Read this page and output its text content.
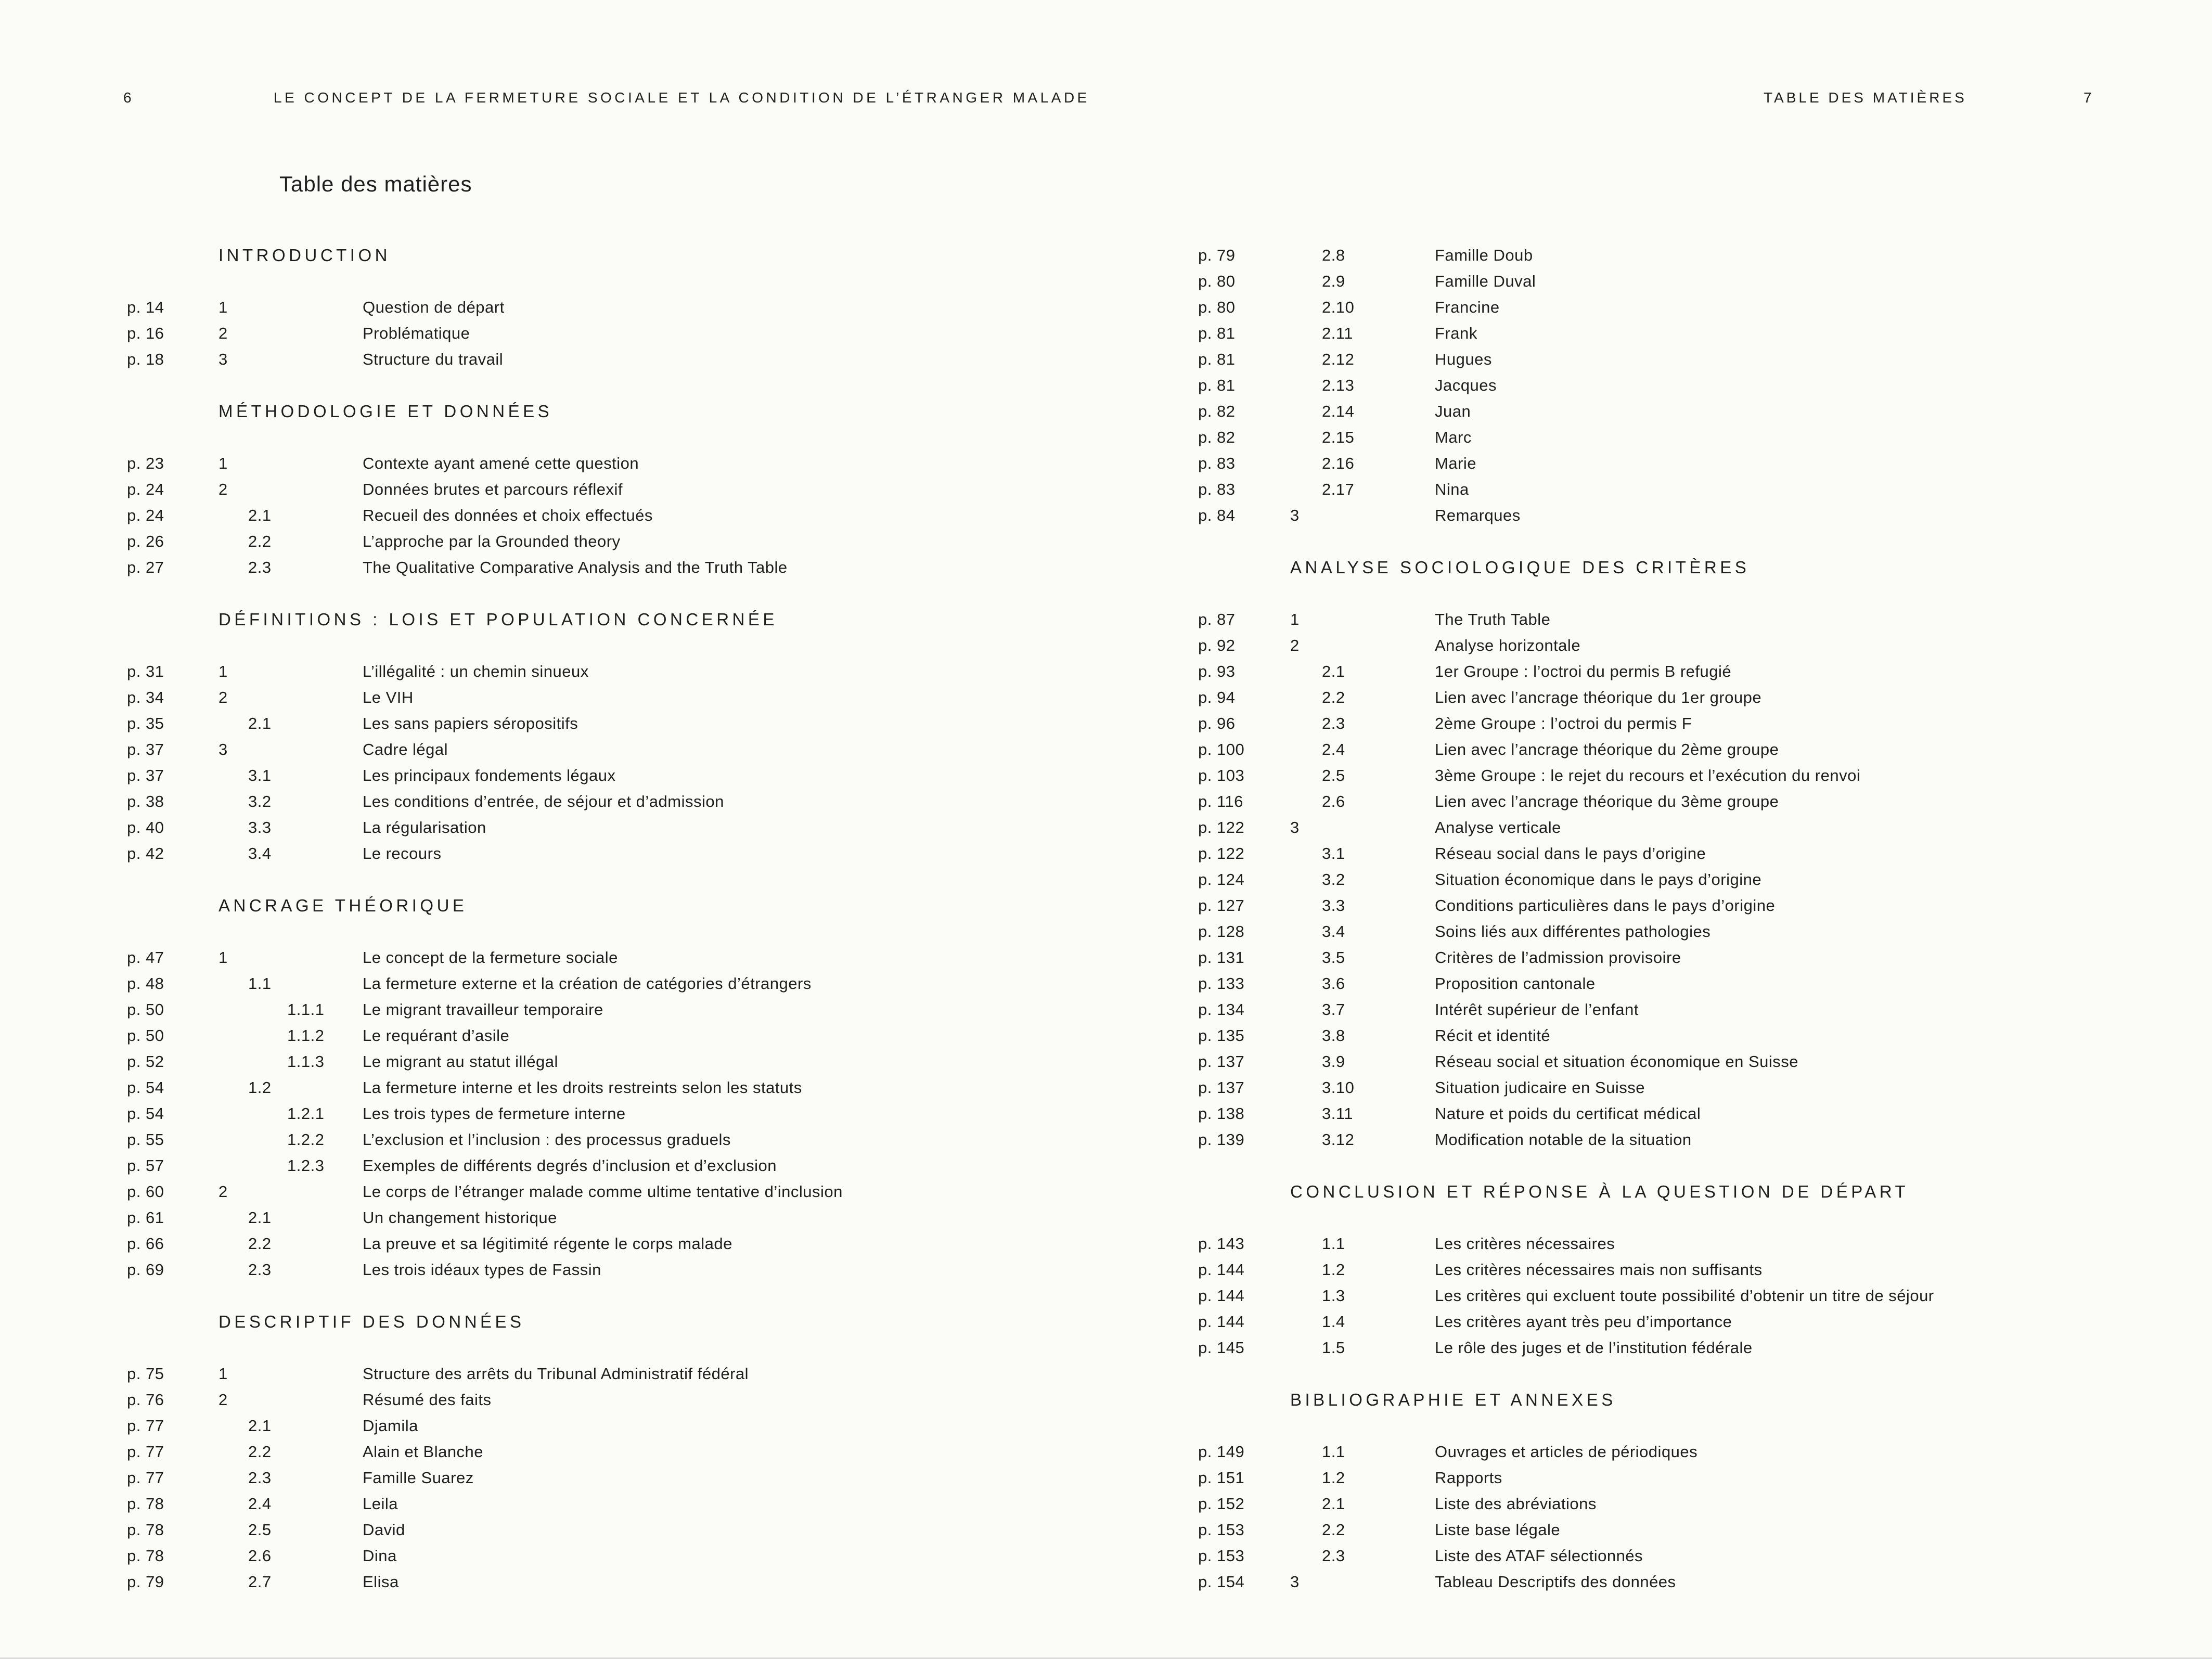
6	LE CONCEPT DE LA FERMETURE SOCIALE ET LA CONDITION DE L’ÉTRANGER MALADE	TABLE DES MATIÈRES	7
Table des matières
INTRODUCTION
p. 14	1	Question de départ
p. 16	2	Problématique
p. 18	3	Structure du travail
MÉTHODOLOGIE ET DONNÉES
p. 23	1	Contexte ayant amené cette question
p. 24	2	Données brutes et parcours réflexif
p. 24	2.1	Recueil des données et choix effectués
p. 26	2.2	L’approche par la Grounded theory
p. 27	2.3	The Qualitative Comparative Analysis and the Truth Table
DÉFINITIONS : LOIS ET POPULATION CONCERNÉE
p. 31	1	L’illégalité : un chemin sinueux
p. 34	2	Le VIH
p. 35	2.1	Les sans papiers séropositifs
p. 37	3	Cadre légal
p. 37	3.1	Les principaux fondements légaux
p. 38	3.2	Les conditions d’entrée, de séjour et d’admission
p. 40	3.3	La régularisation
p. 42	3.4	Le recours
ANCRAGE THÉORIQUE
p. 47	1	Le concept de la fermeture sociale
p. 48	1.1	La fermeture externe et la création de catégories d’étrangers
p. 50	1.1.1 Le migrant travailleur temporaire
p. 50	1.1.2 Le requérant d’asile
p. 52	1.1.3 Le migrant au statut illégal
p. 54	1.2	La fermeture interne et les droits restreints selon les statuts
p. 54	1.2.1 Les trois types de fermeture interne
p. 55	1.2.2 L’exclusion et l’inclusion : des processus graduels
p. 57	1.2.3 Exemples de différents degrés d’inclusion et d’exclusion
p. 60	2	Le corps de l’étranger malade comme ultime tentative d’inclusion
p. 61	2.1	Un changement historique
p. 66	2.2	La preuve et sa légitimité régente le corps malade
p. 69	2.3	Les trois idéaux types de Fassin
DESCRIPTIF DES DONNÉES
p. 75	1	Structure des arrêts du Tribunal Administratif fédéral
p. 76	2	Résumé des faits
p. 77	2.1	Djamila
p. 77	2.2	Alain et Blanche
p. 77	2.3	Famille Suarez
p. 78	2.4	Leila
p. 78	2.5	David
p. 78	2.6	Dina
p. 79	2.7	Elisa
p. 79	2.8	Famille Doub
p. 80	2.9	Famille Duval
p. 80	2.10	Francine
p. 81	2.11	Frank
p. 81	2.12	Hugues
p. 81	2.13	Jacques
p. 82	2.14	Juan
p. 82	2.15	Marc
p. 83	2.16	Marie
p. 83	2.17	Nina
p. 84	3	Remarques
ANALYSE SOCIOLOGIQUE DES CRITÈRES
p. 87	1	The Truth Table
p. 92	2	Analyse horizontale
p. 93	2.1	1er Groupe : l’octroi du permis B refugié
p. 94	2.2	Lien avec l’ancrage théorique du 1er groupe
p. 96	2.3	2ème Groupe : l’octroi du permis F
p. 100	2.4	Lien avec l’ancrage théorique du 2ème groupe
p. 103	2.5	3ème Groupe : le rejet du recours et l’exécution du renvoi
p. 116	2.6	Lien avec l’ancrage théorique du 3ème groupe
p. 122	3	Analyse verticale
p. 122	3.1	Réseau social dans le pays d’origine
p. 124	3.2	Situation économique dans le pays d’origine
p. 127	3.3	Conditions particulières dans le pays d’origine
p. 128	3.4	Soins liés aux différentes pathologies
p. 131	3.5	Critères de l’admission provisoire
p. 133	3.6	Proposition cantonale
p. 134	3.7	Intérêt supérieur de l’enfant
p. 135	3.8	Récit et identité
p. 137	3.9	Réseau social et situation économique en Suisse
p. 137	3.10	Situation judicaire en Suisse
p. 138	3.11	Nature et poids du certificat médical
p. 139	3.12	Modification notable de la situation
CONCLUSION ET RÉPONSE À LA QUESTION DE DÉPART
p. 143	1.1	Les critères nécessaires
p. 144	1.2	Les critères nécessaires mais non suffisants
p. 144	1.3	Les critères qui excluent toute possibilité d’obtenir un titre de séjour
p. 144	1.4	Les critères ayant très peu d’importance
p. 145	1.5	Le rôle des juges et de l’institution fédérale
BIBLIOGRAPHIE ET ANNEXES
p. 149	1.1	Ouvrages et articles de périodiques
p. 151	1.2	Rapports
p. 152	2.1	Liste des abréviations
p. 153	2.2	Liste base légale
p. 153	2.3	Liste des ATAF sélectionnés
p. 154	3	Tableau Descriptifs des données
